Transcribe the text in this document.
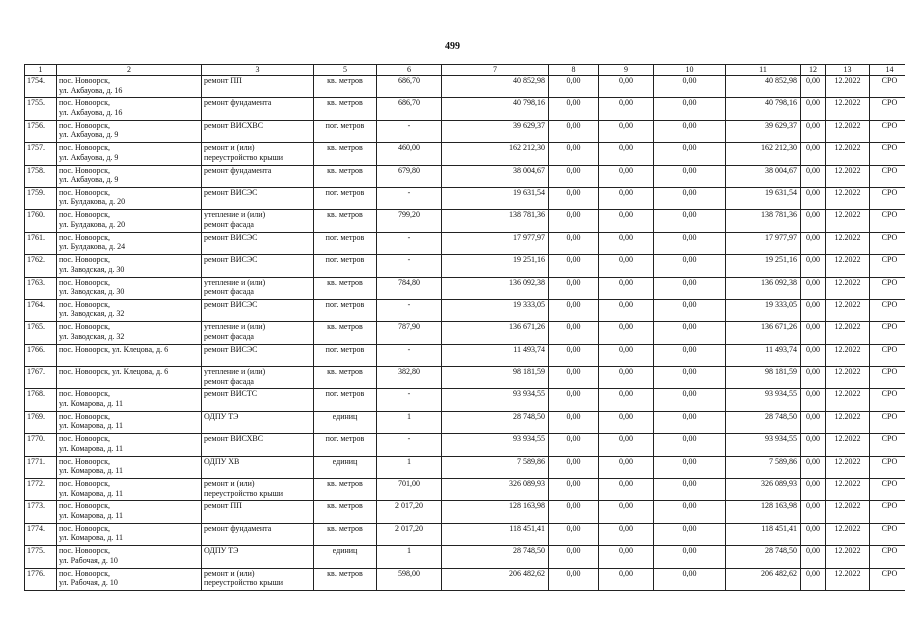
499
1	2	3	5	6	7	8	9	10	11	12	13	14
1754.	пос. Новоорск,
ул. Акбауова, д. 16	ремонт ПП	кв. метров	686,70	40 852,98	0,00	0,00	0,00	40 852,98	0,00	12.2022	СРО
1755.	пос. Новоорск,
ул. Акбауова, д. 16	ремонт фундамента	кв. метров	686,70	40 798,16	0,00	0,00	0,00	40 798,16	0,00	12.2022	СРО
1756.	пос. Новоорск,
ул. Акбауова, д. 9	ремонт ВИСХВС	пог. метров	-	39 629,37	0,00	0,00	0,00	39 629,37	0,00	12.2022	СРО
1757.	пос. Новоорск,
ул. Акбауова, д. 9	ремонт и (или)
переустройство крыши	кв. метров	460,00	162 212,30	0,00	0,00	0,00	162 212,30	0,00	12.2022	СРО
1758.	пос. Новоорск,
ул. Акбауова, д. 9	ремонт фундамента	кв. метров	679,80	38 004,67	0,00	0,00	0,00	38 004,67	0,00	12.2022	СРО
1759.	пос. Новоорск,
ул. Булдакова, д. 20	ремонт ВИСЭС	пог. метров	-	19 631,54	0,00	0,00	0,00	19 631,54	0,00	12.2022	СРО
1760.	пос. Новоорск,
ул. Булдакова, д. 20	утепление и (или)
ремонт фасада	кв. метров	799,20	138 781,36	0,00	0,00	0,00	138 781,36	0,00	12.2022	СРО
1761.	пос. Новоорск,
ул. Булдакова, д. 24	ремонт ВИСЭС	пог. метров	-	17 977,97	0,00	0,00	0,00	17 977,97	0,00	12.2022	СРО
1762.	пос. Новоорск,
ул. Заводская, д. 30	ремонт ВИСЭС	пог. метров	-	19 251,16	0,00	0,00	0,00	19 251,16	0,00	12.2022	СРО
1763.	пос. Новоорск,
ул. Заводская, д. 30	утепление и (или)
ремонт фасада	кв. метров	784,80	136 092,38	0,00	0,00	0,00	136 092,38	0,00	12.2022	СРО
1764.	пос. Новоорск,
ул. Заводская, д. 32	ремонт ВИСЭС	пог. метров	-	19 333,05	0,00	0,00	0,00	19 333,05	0,00	12.2022	СРО
1765.	пос. Новоорск,
ул. Заводская, д. 32	утепление и (или)
ремонт фасада	кв. метров	787,90	136 671,26	0,00	0,00	0,00	136 671,26	0,00	12.2022	СРО
1766.	пос. Новоорск, ул. Клецова, д. 6	ремонт ВИСЭС	пог. метров	-	11 493,74	0,00	0,00	0,00	11 493,74	0,00	12.2022	СРО
1767.	пос. Новоорск, ул. Клецова, д. 6	утепление и (или)
ремонт фасада	кв. метров	382,80	98 181,59	0,00	0,00	0,00	98 181,59	0,00	12.2022	СРО
1768.	пос. Новоорск,
ул. Комарова, д. 11	ремонт ВИСТС	пог. метров	-	93 934,55	0,00	0,00	0,00	93 934,55	0,00	12.2022	СРО
1769.	пос. Новоорск,
ул. Комарова, д. 11	ОДПУ ТЭ	единиц	1	28 748,50	0,00	0,00	0,00	28 748,50	0,00	12.2022	СРО
1770.	пос. Новоорск,
ул. Комарова, д. 11	ремонт ВИСХВС	пог. метров	-	93 934,55	0,00	0,00	0,00	93 934,55	0,00	12.2022	СРО
1771.	пос. Новоорск,
ул. Комарова, д. 11	ОДПУ ХВ	единиц	1	7 589,86	0,00	0,00	0,00	7 589,86	0,00	12.2022	СРО
1772.	пос. Новоорск,
ул. Комарова, д. 11	ремонт и (или)
переустройство крыши	кв. метров	701,00	326 089,93	0,00	0,00	0,00	326 089,93	0,00	12.2022	СРО
1773.	пос. Новоорск,
ул. Комарова, д. 11	ремонт ПП	кв. метров	2 017,20	128 163,98	0,00	0,00	0,00	128 163,98	0,00	12.2022	СРО
1774.	пос. Новоорск,
ул. Комарова, д. 11	ремонт фундамента	кв. метров	2 017,20	118 451,41	0,00	0,00	0,00	118 451,41	0,00	12.2022	СРО
1775.	пос. Новоорск,
ул. Рабочая, д. 10	ОДПУ ТЭ	единиц	1	28 748,50	0,00	0,00	0,00	28 748,50	0,00	12.2022	СРО
1776.	пос. Новоорск,
ул. Рабочая, д. 10	ремонт и (или)
переустройство крыши	кв. метров	598,00	206 482,62	0,00	0,00	0,00	206 482,62	0,00	12.2022	СРО
